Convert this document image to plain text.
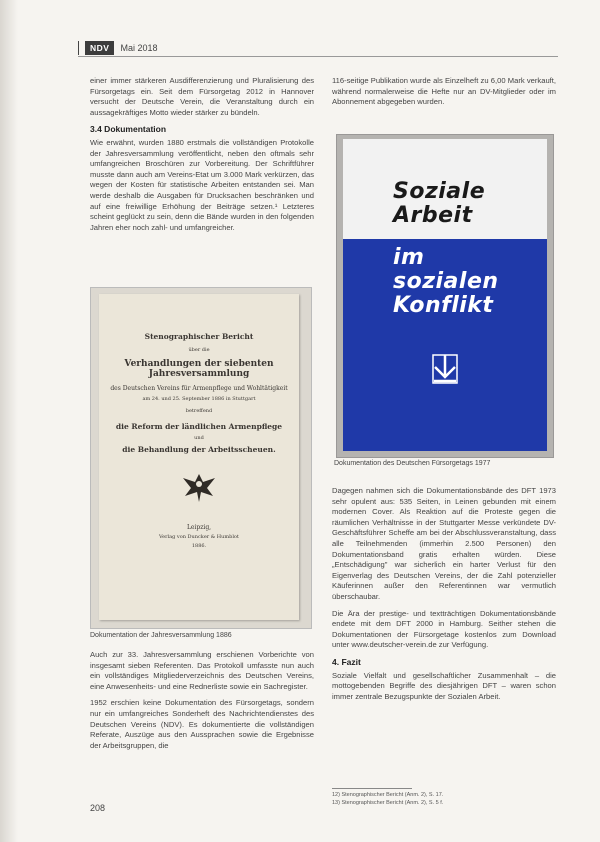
NDV	Mai 2018

einer immer stärkeren Ausdifferenzierung und Pluralisierung des Fürsorgetags ein. Seit dem Fürsorgetag 2012 in Hannover versucht der Deutsche Verein, die Veranstaltung durch ein aussagekräftiges Motto wieder stärker zu bündeln.

3.4 Dokumentation

Wie erwähnt, wurden 1880 erstmals die vollständigen Protokolle der Jahresversammlung veröffentlicht, neben den oftmals sehr umfangreichen Broschüren zur Vorbereitung. Der Schriftführer musste dann auch am Vereins-Etat um 3.000 Mark verkürzen, das wegen der Kosten für statistische Arbeiten entstanden sei. Man werde deshalb die Ausgaben für Drucksachen beschränken und auf eine freiwillige Erhöhung der Beiträge setzen.¹ Letzteres scheint geglückt zu sein, denn die Bände wurden in den folgenden Jahren eher noch zahl- und umfangreicher.

Stenographischer Bericht
über die
Verhandlungen der siebenten Jahresversammlung
des Deutschen Vereins für Armenpflege und Wohltätigkeit
am 24. und 25. September 1886 in Stuttgart
betreffend
die Reform der ländlichen Armenpflege
und
die Behandlung der Arbeitsscheuen.
Leipzig,
Verlag von Duncker & Humblot
1886.
Dokumentation der Jahresversammlung 1886

Auch zur 33. Jahresversammlung erschienen Vorberichte von insgesamt sieben Referenten. Das Protokoll umfasste nun auch ein vollständiges Mitgliederverzeichnis des Deutschen Vereins, eine Anwesenheits- und eine Rednerliste sowie ein Sachregister.

1952 erschien keine Dokumentation des Fürsorgetags, sondern nur ein umfangreiches Sonderheft des Nachrichtendienstes des Deutschen Vereins (NDV). Es dokumentierte die vollständigen Referate, Auszüge aus den Aussprachen sowie die Ergebnisse der Arbeitsgruppen, die

116-seitige Publikation wurde als Einzelheft zu 6,00 Mark verkauft, während normalerweise die Hefte nur an DV-Mitglieder oder im Abonnement abgegeben wurden.

Soziale
Arbeit
im
sozialen
Konflikt
Dokumentation des Deutschen Fürsorgetags 1977

Dagegen nahmen sich die Dokumentationsbände des DFT 1973 sehr opulent aus: 535 Seiten, in Leinen gebunden mit einem modernen Cover. Als Reaktion auf die Proteste gegen die räumlichen Verhältnisse in der Stuttgarter Messe verkündete DV-Geschäftsführer Scheffe am bei der Abschlussveranstaltung, dass alle Teilnehmenden (immerhin 2.500 Personen) den Dokumentationsband gratis erhalten würden. Diese „Entschädigung" war sicherlich ein harter Verlust für den Eigenverlag des Deutschen Vereins, der die Zahl potenzieller Käuferinnen außer den Referentinnen war vermutlich überschaubar.

Die Ära der prestige- und textträchtigen Dokumentationsbände endete mit dem DFT 2000 in Hamburg. Seither stehen die Dokumentationen der Fürsorgetage kostenlos zum Download unter www.deutscher-verein.de zur Verfügung.

4. Fazit

Soziale Vielfalt und gesellschaftlicher Zusammenhalt – die mottogebenden Begriffe des diesjährigen DFT – waren schon immer zentrale Bezugspunkte der Sozialen Arbeit.

12) Stenographischer Bericht (Anm. 2), S. 17.
13) Stenographischer Bericht (Anm. 2), S. 5 f.
208
